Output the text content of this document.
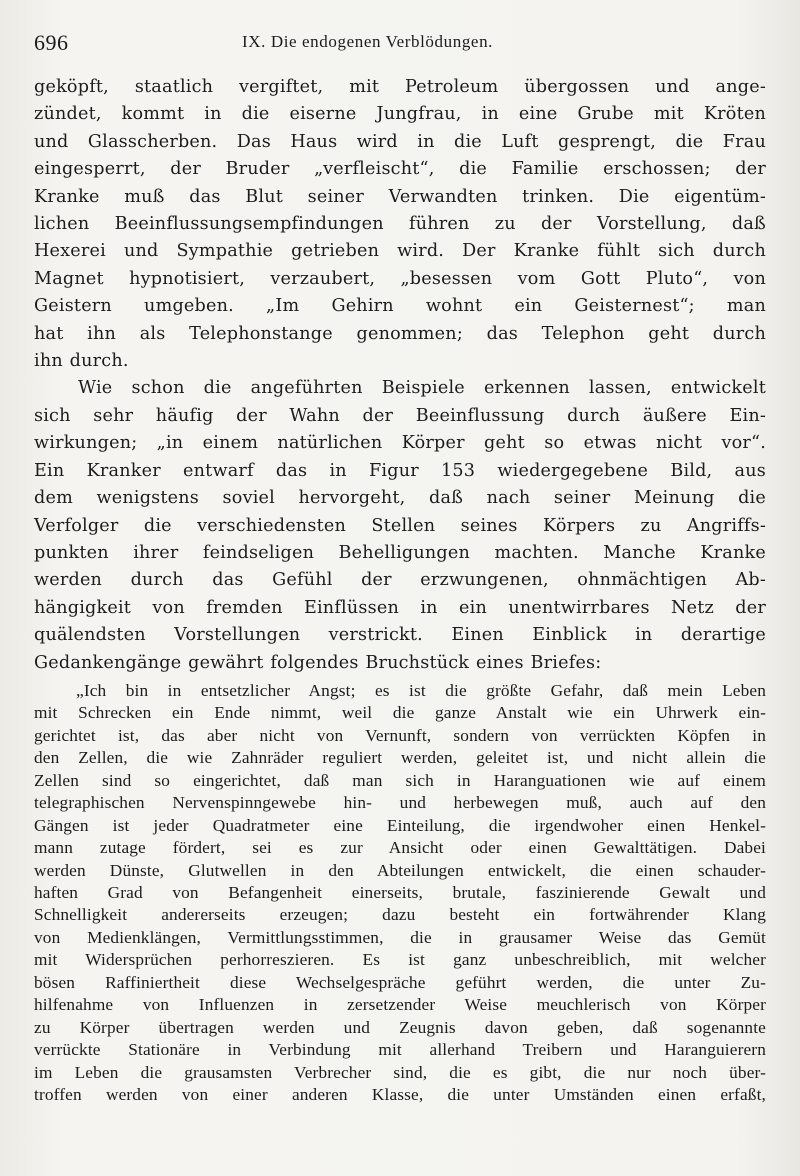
696	IX. Die endogenen Verblödungen.

geköpft, staatlich vergiftet, mit Petroleum übergossen und ange-
zündet, kommt in die eiserne Jungfrau, in eine Grube mit Kröten
und Glasscherben. Das Haus wird in die Luft gesprengt, die Frau
eingesperrt, der Bruder „verfleischt“, die Familie erschossen; der
Kranke muß das Blut seiner Verwandten trinken. Die eigentüm-
lichen Beeinflussungsempfindungen führen zu der Vorstellung, daß
Hexerei und Sympathie getrieben wird. Der Kranke fühlt sich durch
Magnet hypnotisiert, verzaubert, „besessen vom Gott Pluto“, von
Geistern umgeben. „Im Gehirn wohnt ein Geisternest“; man
hat ihn als Telephonstange genommen; das Telephon geht durch
ihn durch.

Wie schon die angeführten Beispiele erkennen lassen, entwickelt
sich sehr häufig der Wahn der Beeinflussung durch äußere Ein-
wirkungen; „in einem natürlichen Körper geht so etwas nicht vor“.
Ein Kranker entwarf das in Figur 153 wiedergegebene Bild, aus
dem wenigstens soviel hervorgeht, daß nach seiner Meinung die
Verfolger die verschiedensten Stellen seines Körpers zu Angriffs-
punkten ihrer feindseligen Behelligungen machten. Manche Kranke
werden durch das Gefühl der erzwungenen, ohnmächtigen Ab-
hängigkeit von fremden Einflüssen in ein unentwirrbares Netz der
quälendsten Vorstellungen verstrickt. Einen Einblick in derartige
Gedankengänge gewährt folgendes Bruchstück eines Briefes:

„Ich bin in entsetzlicher Angst; es ist die größte Gefahr, daß mein Leben
mit Schrecken ein Ende nimmt, weil die ganze Anstalt wie ein Uhrwerk ein-
gerichtet ist, das aber nicht von Vernunft, sondern von verrückten Köpfen in
den Zellen, die wie Zahnräder reguliert werden, geleitet ist, und nicht allein die
Zellen sind so eingerichtet, daß man sich in Haranguationen wie auf einem
telegraphischen Nervenspinngewebe hin- und herbewegen muß, auch auf den
Gängen ist jeder Quadratmeter eine Einteilung, die irgendwoher einen Henkel-
mann zutage fördert, sei es zur Ansicht oder einen Gewalttätigen. Dabei
werden Dünste, Glutwellen in den Abteilungen entwickelt, die einen schauder-
haften Grad von Befangenheit einerseits, brutale, faszinierende Gewalt und
Schnelligkeit andererseits erzeugen; dazu besteht ein fortwährender Klang
von Medienklängen, Vermittlungsstimmen, die in grausamer Weise das Gemüt
mit Widersprüchen perhorreszieren. Es ist ganz unbeschreiblich, mit welcher
bösen Raffiniertheit diese Wechselgespräche geführt werden, die unter Zu-
hilfenahme von Influenzen in zersetzender Weise meuchlerisch von Körper
zu Körper übertragen werden und Zeugnis davon geben, daß sogenannte
verrückte Stationäre in Verbindung mit allerhand Treibern und Haranguierern
im Leben die grausamsten Verbrecher sind, die es gibt, die nur noch über-
troffen werden von einer anderen Klasse, die unter Umständen einen erfaßt,
